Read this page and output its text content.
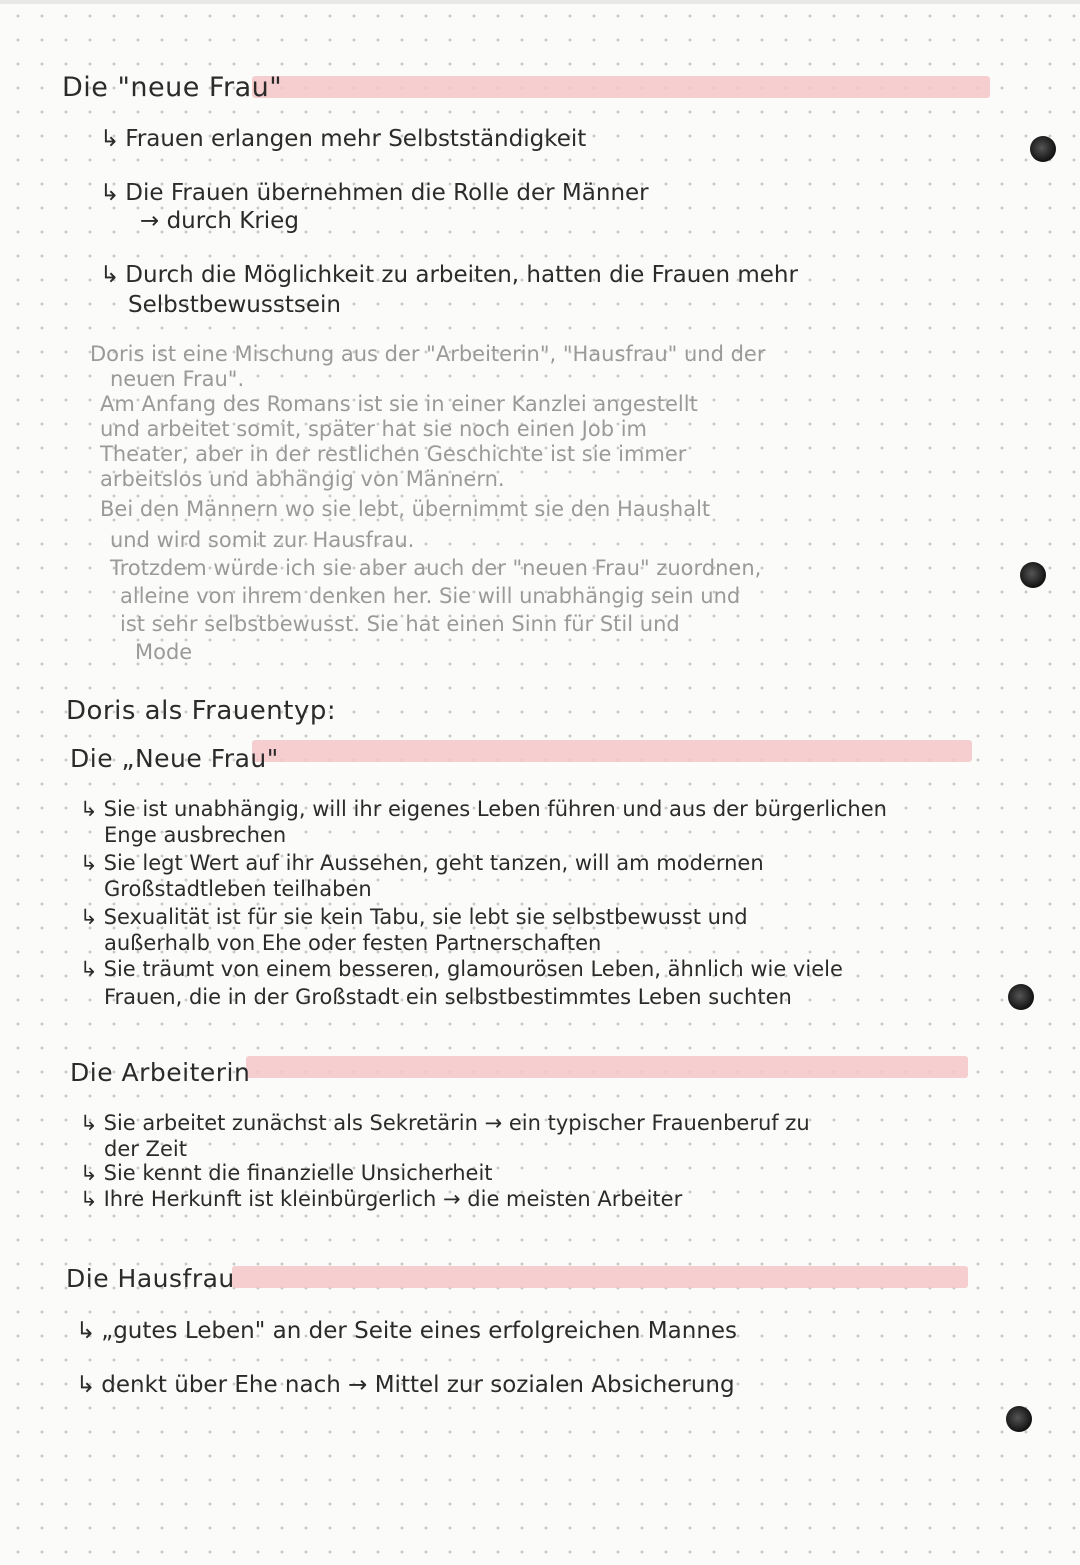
Die "neue Frau"
↳ Frauen erlangen mehr Selbstständigkeit
↳ Die Frauen übernehmen die Rolle der Männer
→ durch Krieg
↳ Durch die Möglichkeit zu arbeiten, hatten die Frauen mehr
Selbstbewusstsein
Doris ist eine Mischung aus der "Arbeiterin", "Hausfrau" und der
neuen Frau".
Am Anfang des Romans ist sie in einer Kanzlei angestellt
und arbeitet somit, später hat sie noch einen Job im
Theater, aber in der restlichen Geschichte ist sie immer
arbeitslos und abhängig von Männern.
Bei den Männern wo sie lebt, übernimmt sie den Haushalt
und wird somit zur Hausfrau.
Trotzdem würde ich sie aber auch der "neuen Frau" zuordnen,
alleine von ihrem denken her. Sie will unabhängig sein und
ist sehr selbstbewusst. Sie hat einen Sinn für Stil und
Mode
Doris als Frauentyp:
Die „Neue Frau"
↳ Sie ist unabhängig, will ihr eigenes Leben führen und aus der bürgerlichen
Enge ausbrechen
↳ Sie legt Wert auf ihr Aussehen, geht tanzen, will am modernen
Großstadtleben teilhaben
↳ Sexualität ist für sie kein Tabu, sie lebt sie selbstbewusst und
außerhalb von Ehe oder festen Partnerschaften
↳ Sie träumt von einem besseren, glamourösen Leben, ähnlich wie viele
Frauen, die in der Großstadt ein selbstbestimmtes Leben suchten
Die Arbeiterin
↳ Sie arbeitet zunächst als Sekretärin → ein typischer Frauenberuf zu
der Zeit
↳ Sie kennt die finanzielle Unsicherheit
↳ Ihre Herkunft ist kleinbürgerlich → die meisten Arbeiter
Die Hausfrau
↳ „gutes Leben" an der Seite eines erfolgreichen Mannes
↳ denkt über Ehe nach → Mittel zur sozialen Absicherung
